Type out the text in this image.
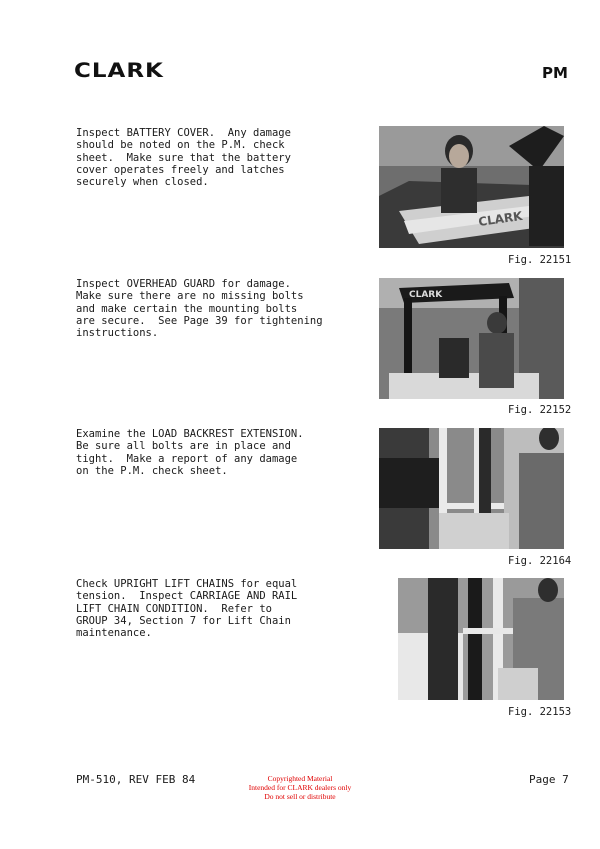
CLARK	PM
Inspect BATTERY COVER.  Any damage
should be noted on the P.M. check
sheet.  Make sure that the battery
cover operates freely and latches
securely when closed.
CLARK
Fig. 22151
Inspect OVERHEAD GUARD for damage.
Make sure there are no missing bolts
and make certain the mounting bolts
are secure.  See Page 39 for tightening
instructions.
CLARK
Fig. 22152
Examine the LOAD BACKREST EXTENSION.
Be sure all bolts are in place and
tight.  Make a report of any damage
on the P.M. check sheet.
Fig. 22164
Check UPRIGHT LIFT CHAINS for equal
tension.  Inspect CARRIAGE AND RAIL
LIFT CHAIN CONDITION.  Refer to
GROUP 34, Section 7 for Lift Chain
maintenance.
Fig. 22153
PM-510, REV FEB 84	Copyrighted Material
Intended for CLARK dealers only
Do not sell or distribute
Page 7
